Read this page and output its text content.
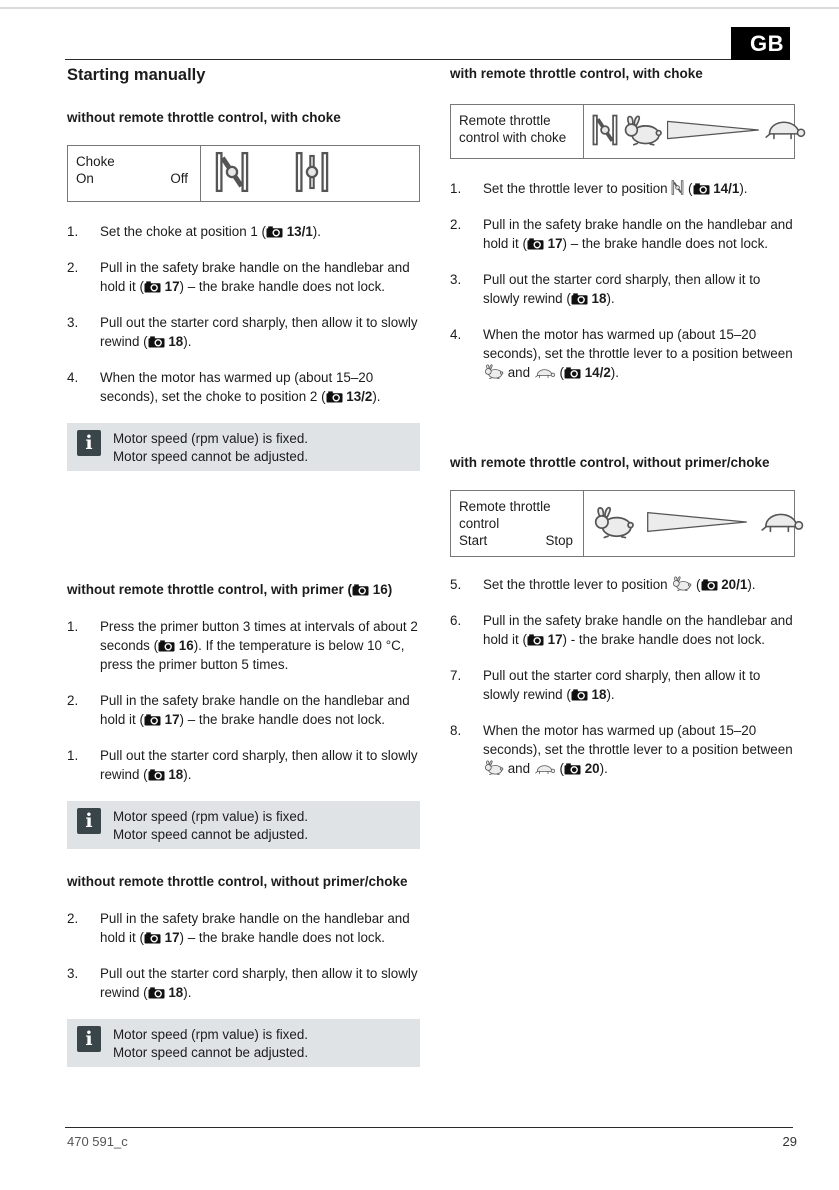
GB
Starting manually
without remote throttle control, with choke
Choke
On	Off
1.	Set the choke at position 1 ( 13/1).
2.	Pull in the safety brake handle on the handlebar and hold it ( 17) – the brake handle does not lock.
3.	Pull out the starter cord sharply, then allow it to slowly rewind ( 18).
4.	When the motor has warmed up (about 15–20 seconds), set the choke to position 2 ( 13/2).
i	Motor speed (rpm value) is fixed.
Motor speed cannot be adjusted.
without remote throttle control, with primer ( 16)
1.	Press the primer button 3 times at intervals of about 2 seconds ( 16). If the temperature is below 10 °C, press the primer button 5 times.
2.	Pull in the safety brake handle on the handlebar and hold it ( 17) – the brake handle does not lock.
1.	Pull out the starter cord sharply, then allow it to slowly rewind ( 18).
i	Motor speed (rpm value) is fixed.
Motor speed cannot be adjusted.
without remote throttle control, without primer/choke
2.	Pull in the safety brake handle on the handlebar and hold it ( 17) – the brake handle does not lock.
3.	Pull out the starter cord sharply, then allow it to slowly rewind ( 18).
i	Motor speed (rpm value) is fixed.
Motor speed cannot be adjusted.
with remote throttle control, with choke
Remote throttle
control with choke
1.	Set the throttle lever to position  ( 14/1).
2.	Pull in the safety brake handle on the handlebar and hold it ( 17) – the brake handle does not lock.
3.	Pull out the starter cord sharply, then allow it to slowly rewind ( 18).
4.	When the motor has warmed up (about 15–20 seconds), set the throttle lever to a position between  and  ( 14/2).
with remote throttle control, without primer/choke
Remote throttle
control
Start	Stop
5.	Set the throttle lever to position  ( 20/1).
6.	Pull in the safety brake handle on the handlebar and hold it ( 17) - the brake handle does not lock.
7.	Pull out the starter cord sharply, then allow it to slowly rewind ( 18).
8.	When the motor has warmed up (about 15–20 seconds), set the throttle lever to a position between  and  ( 20).
470 591_c	29
